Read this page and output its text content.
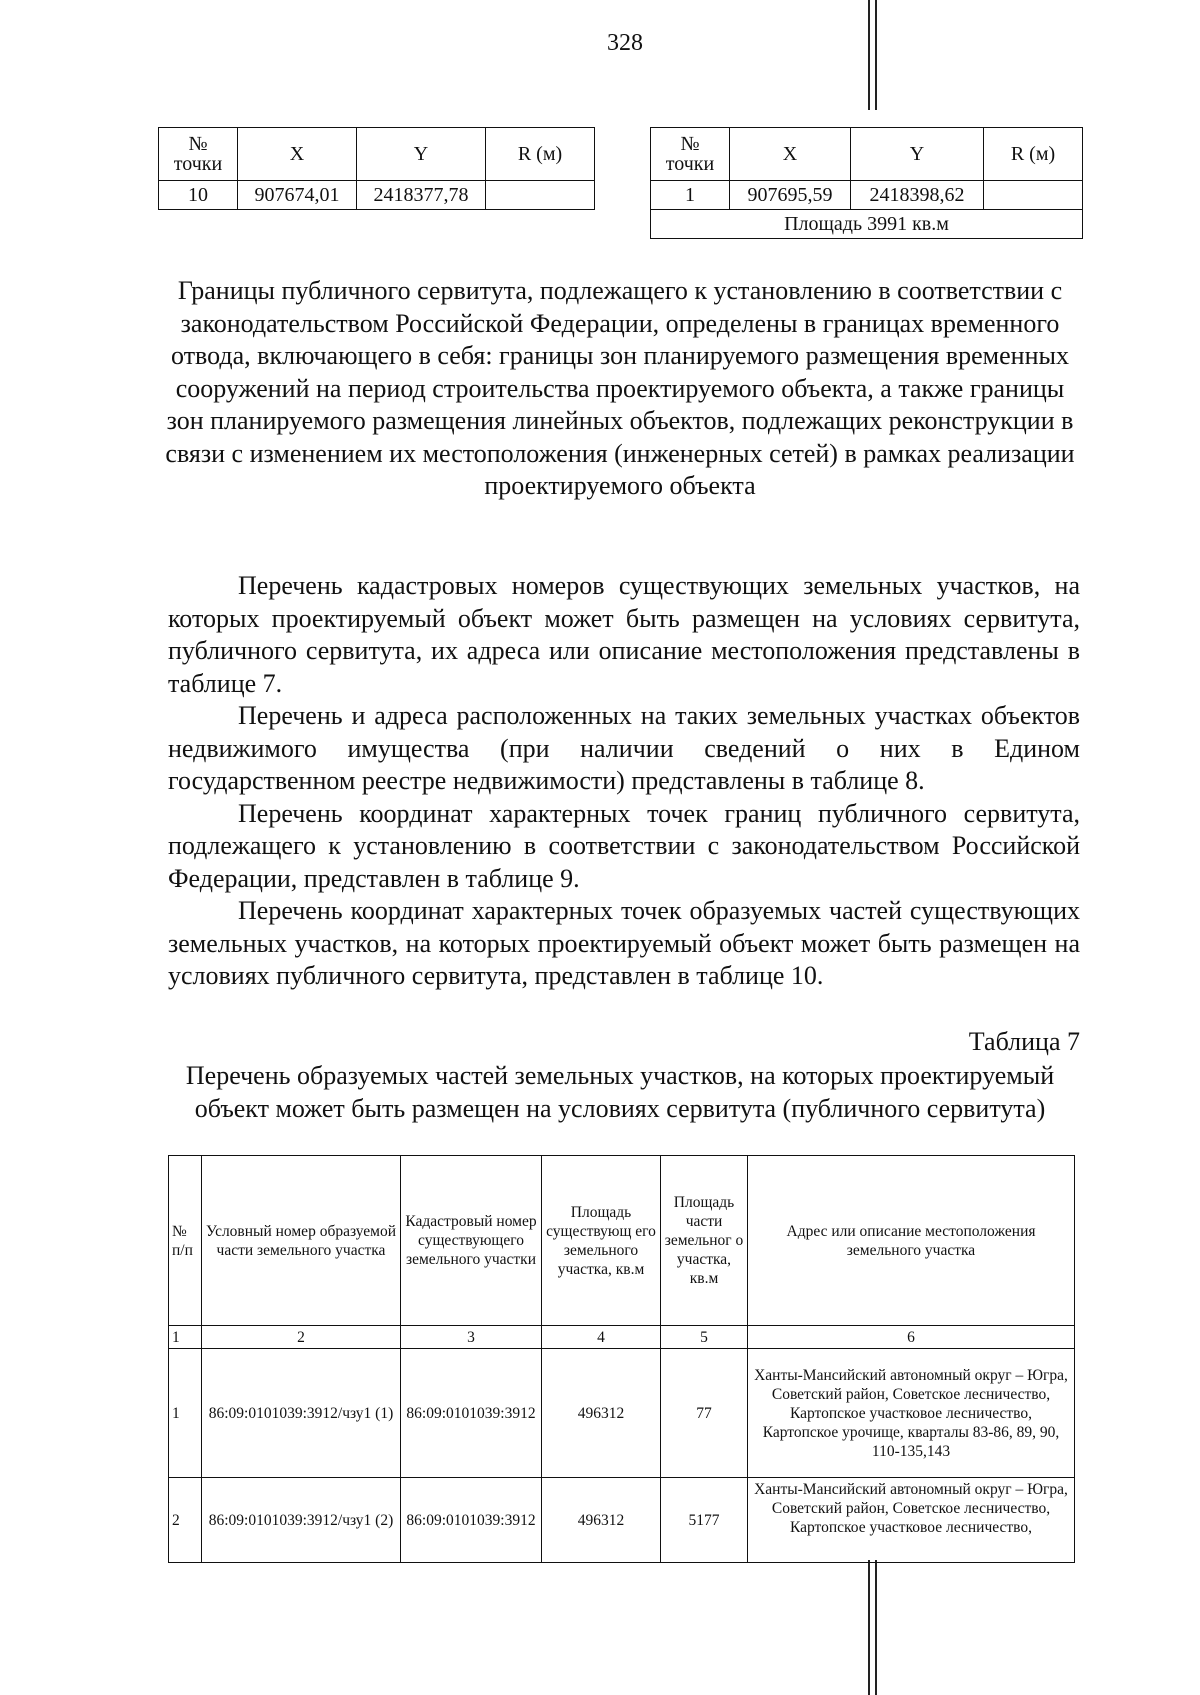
328
№ точки	X	Y	R (м)
10	907674,01	2418377,78	
№ точки	X	Y	R (м)
1	907695,59	2418398,62	
Площадь 3991 кв.м			
Границы публичного сервитута, подлежащего к установлению в соответствии с законодательством Российской Федерации, определены в границах временного отвода, включающего в себя: границы зон планируемого размещения временных сооружений на период строительства проектируемого объекта, а также границы зон планируемого размещения линейных объектов, подлежащих реконструкции в связи с изменением их местоположения (инженерных сетей) в рамках реализации проектируемого объекта

Перечень кадастровых номеров существующих земельных участков, на которых проектируемый объект может быть размещен на условиях сервитута, публичного сервитута, их адреса или описание местоположения представлены в таблице 7.

Перечень и адреса расположенных на таких земельных участках объектов недвижимого имущества (при наличии сведений о них в Едином государственном реестре недвижимости) представлены в таблице 8.

Перечень координат характерных точек границ публичного сервитута, подлежащего к установлению в соответствии с законодательством Российской Федерации, представлен в таблице 9.

Перечень координат характерных точек образуемых частей существующих земельных участков, на которых проектируемый объект может быть размещен на условиях публичного сервитута, представлен в таблице 10.

Таблица 7
Перечень образуемых частей земельных участков, на которых проектируемый объект может быть размещен на условиях сервитута (публичного сервитута)
№ п/п	Условный номер образуемой части земельного участка	Кадастровый номер существующего земельного участки	Площадь существующ его земельного участка, кв.м	Площадь части земельног о участка, кв.м	Адрес или описание местоположения земельного участка
1	2	3	4	5	6
1	86:09:0101039:3912/чзу1 (1)	86:09:0101039:3912	496312	77	Ханты-Мансийский автономный округ – Югра, Советский район, Советское лесничество, Картопское участковое лесничество, Картопское урочище, кварталы 83-86, 89, 90, 110-135,143
2	86:09:0101039:3912/чзу1 (2)	86:09:0101039:3912	496312	5177	Ханты-Мансийский автономный округ – Югра, Советский район, Советское лесничество, Картопское участковое лесничество,
